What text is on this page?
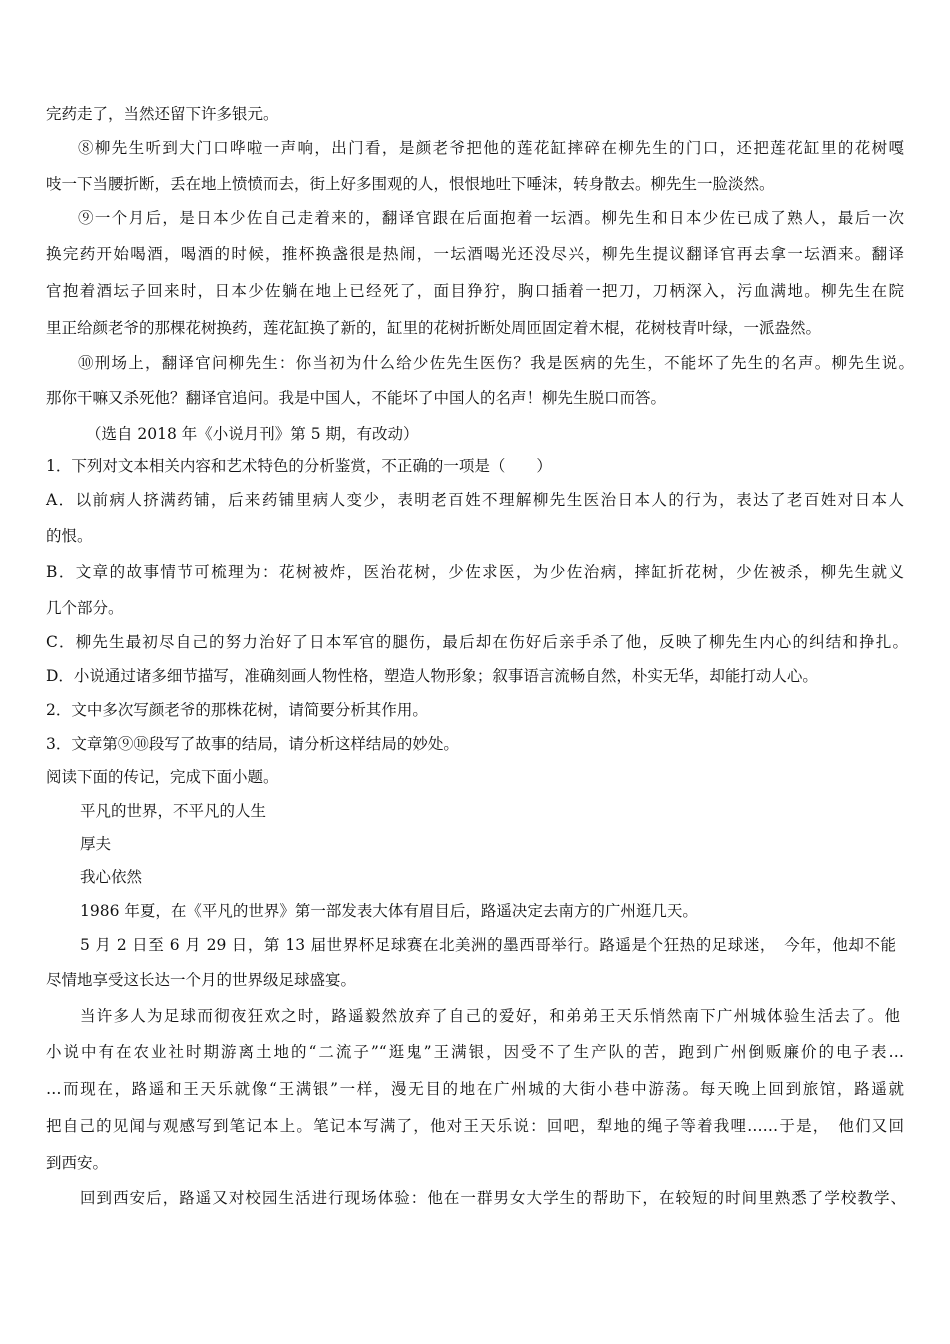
完药走了，当然还留下许多银元。
⑧柳先生听到大门口哗啦一声响，出门看，是颜老爷把他的莲花缸摔碎在柳先生的门口，还把莲花缸里的花树嘎
吱一下当腰折断，丢在地上愤愤而去，街上好多围观的人，恨恨地吐下唾沫，转身散去。柳先生一脸淡然。
⑨一个月后，是日本少佐自己走着来的，翻译官跟在后面抱着一坛酒。柳先生和日本少佐已成了熟人，最后一次
换完药开始喝酒，喝酒的时候，推杯换盏很是热闹，一坛酒喝光还没尽兴，柳先生提议翻译官再去拿一坛酒来。翻译
官抱着酒坛子回来时，日本少佐躺在地上已经死了，面目狰狞，胸口插着一把刀，刀柄深入，污血满地。柳先生在院
里正给颜老爷的那棵花树换药，莲花缸换了新的，缸里的花树折断处周匝固定着木棍，花树枝青叶绿，一派盎然。
⑩刑场上，翻译官问柳先生：你当初为什么给少佐先生医伤？我是医病的先生，不能坏了先生的名声。柳先生说。
那你干嘛又杀死他？翻译官追问。我是中国人，不能坏了中国人的名声！柳先生脱口而答。
（选自 2018 年《小说月刊》第 5 期，有改动）
1．下列对文本相关内容和艺术特色的分析鉴赏，不正确的一项是（　　）
A．以前病人挤满药铺，后来药铺里病人变少，表明老百姓不理解柳先生医治日本人的行为，表达了老百姓对日本人
的恨。
B．文章的故事情节可梳理为：花树被炸，医治花树，少佐求医，为少佐治病，摔缸折花树，少佐被杀，柳先生就义
几个部分。
C．柳先生最初尽自己的努力治好了日本军官的腿伤，最后却在伤好后亲手杀了他，反映了柳先生内心的纠结和挣扎。
D．小说通过诸多细节描写，准确刻画人物性格，塑造人物形象；叙事语言流畅自然，朴实无华，却能打动人心。
2．文中多次写颜老爷的那株花树，请简要分析其作用。
3．文章第⑨⑩段写了故事的结局，请分析这样结局的妙处。
阅读下面的传记，完成下面小题。
平凡的世界，不平凡的人生
厚夫
我心依然
1986 年夏，在《平凡的世界》第一部发表大体有眉目后，路遥决定去南方的广州逛几天。
5 月 2 日至 6 月 29 日，第 13 届世界杯足球赛在北美洲的墨西哥举行。路遥是个狂热的足球迷，　今年，他却不能
尽情地享受这长达一个月的世界级足球盛宴。
当许多人为足球而彻夜狂欢之时，路遥毅然放弃了自己的爱好，和弟弟王天乐悄然南下广州城体验生活去了。他
小说中有在农业社时期游离土地的“二流子”“逛鬼”王满银，因受不了生产队的苦，跑到广州倒贩廉价的电子表…
…而现在，路遥和王天乐就像“王满银”一样，漫无目的地在广州城的大街小巷中游荡。每天晚上回到旅馆，路遥就
把自己的见闻与观感写到笔记本上。笔记本写满了，他对王天乐说：回吧，犁地的绳子等着我哩……于是，　他们又回
到西安。
回到西安后，路遥又对校园生活进行现场体验：他在一群男女大学生的帮助下，在较短的时间里熟悉了学校教学、
